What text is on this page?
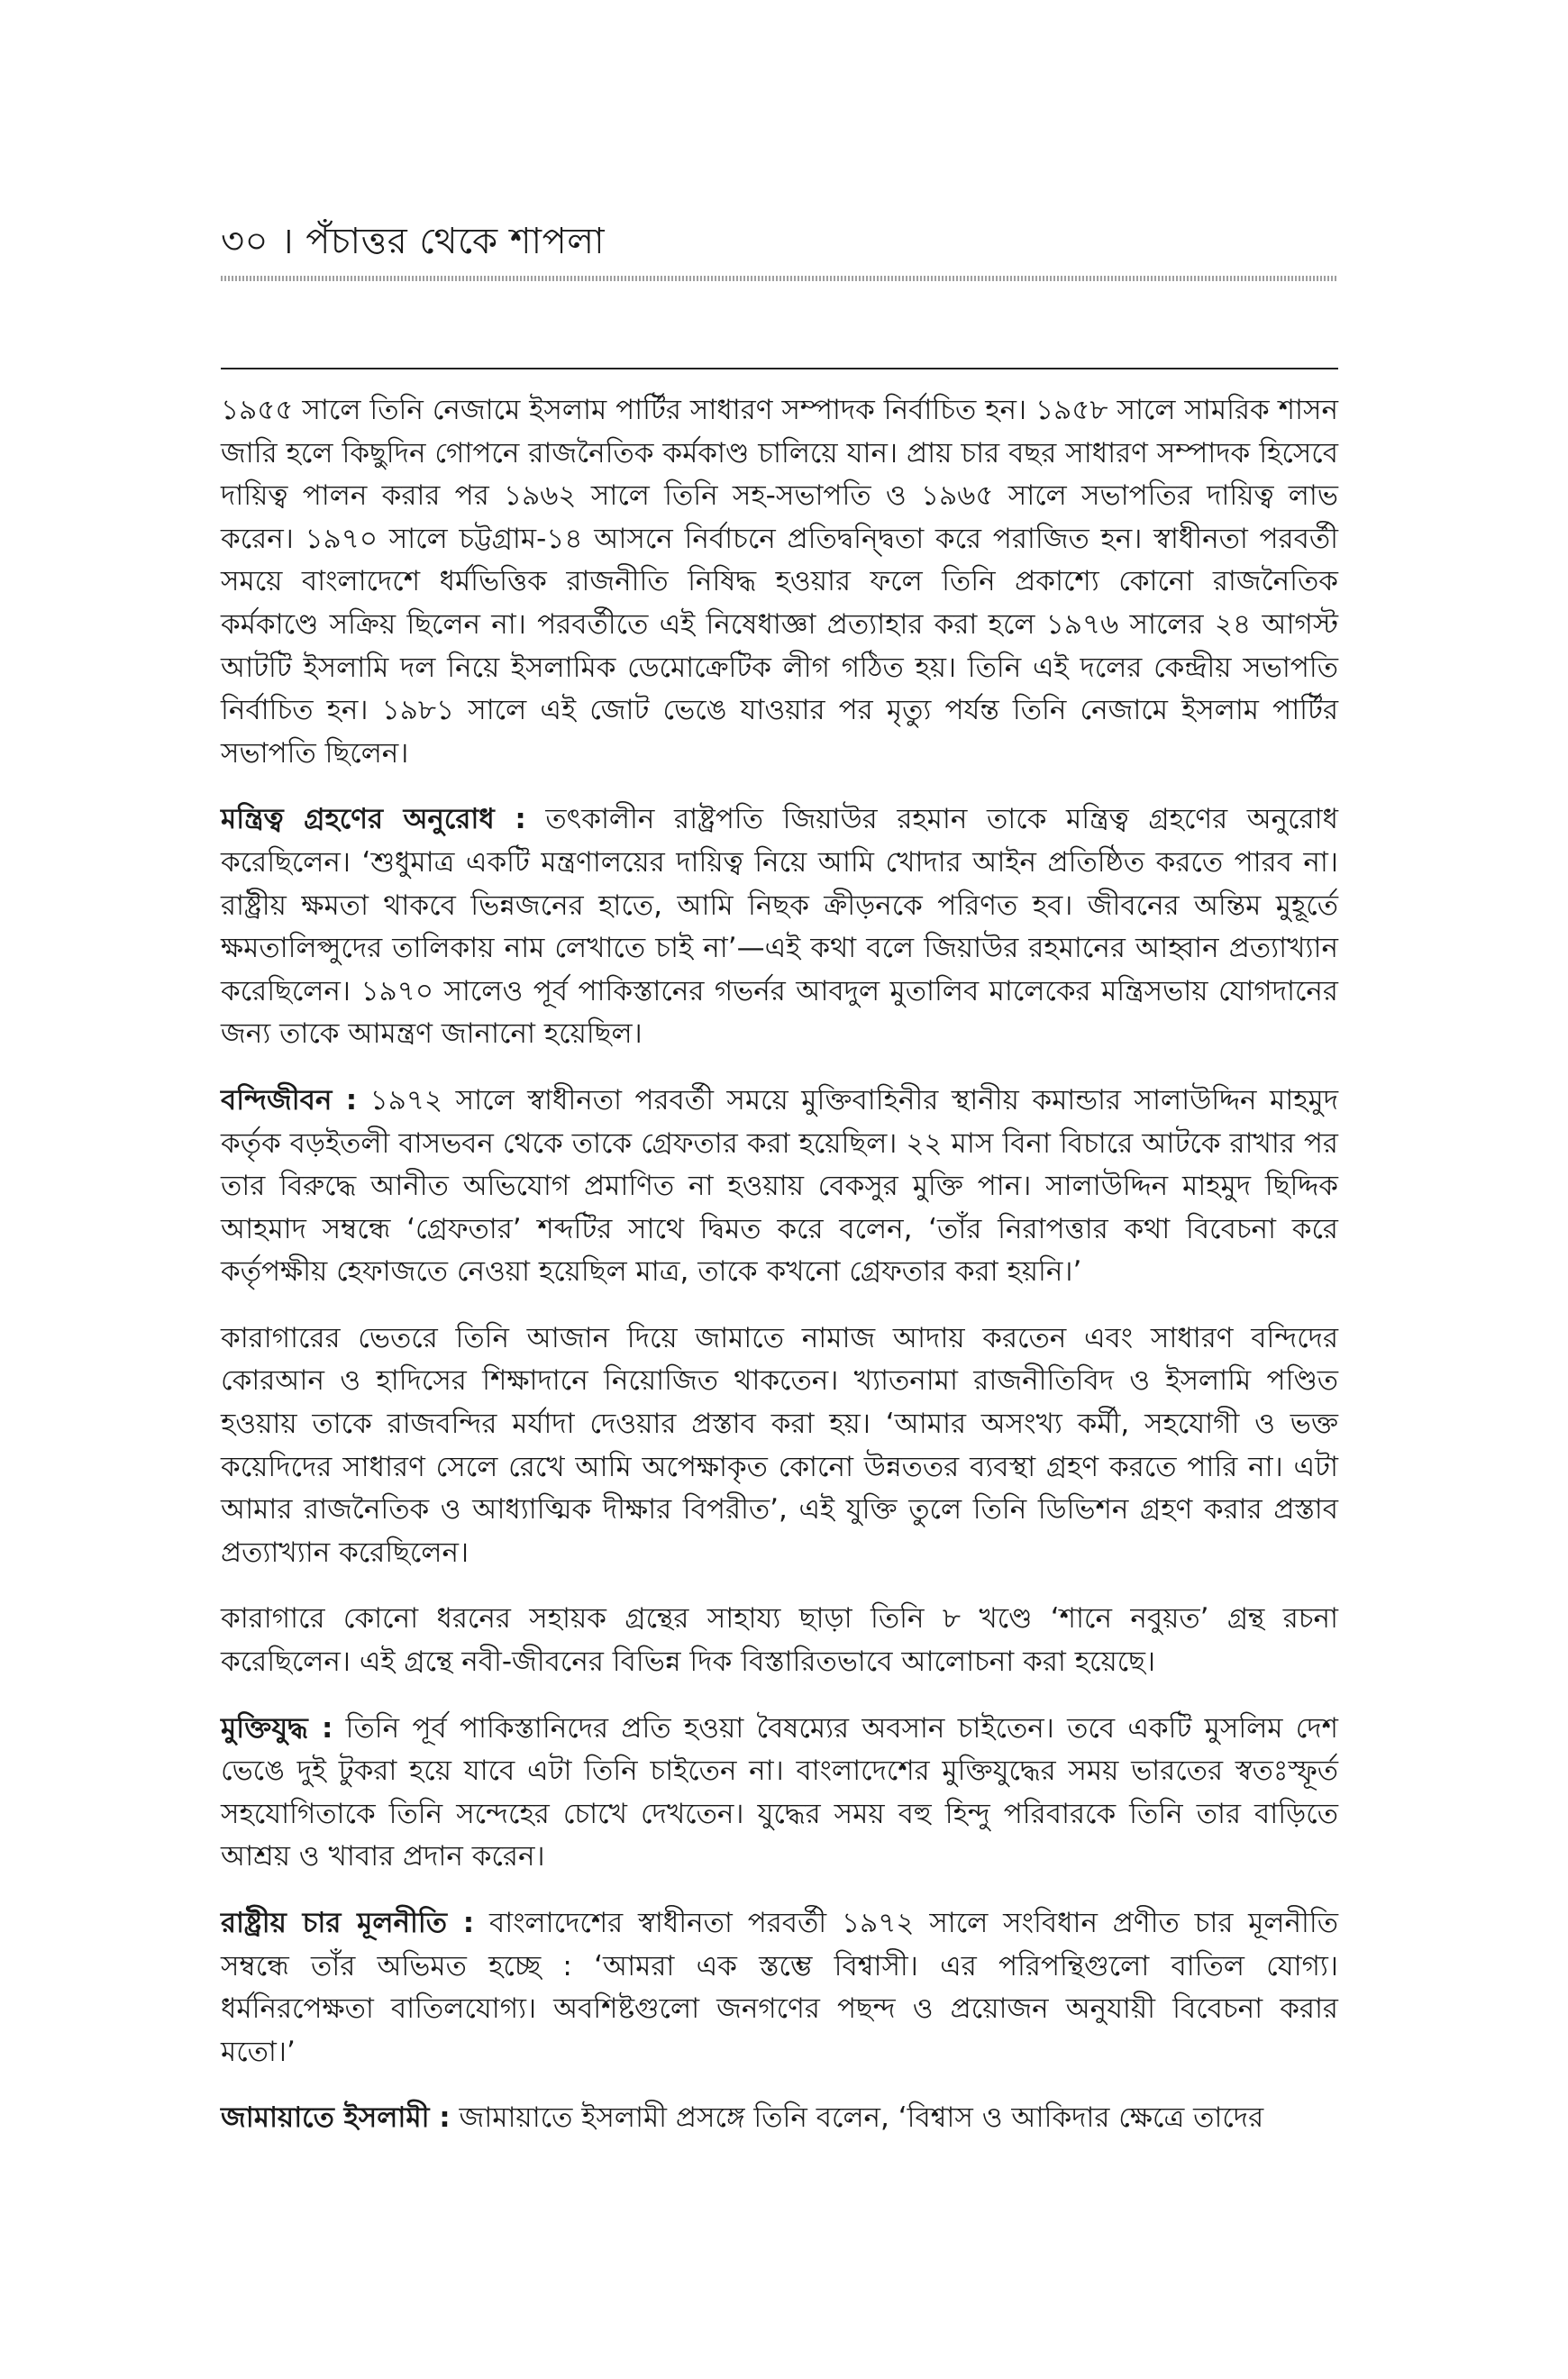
৩০ । পঁচাত্তর থেকে শাপলা

১৯৫৫ সালে তিনি নেজামে ইসলাম পার্টির সাধারণ সম্পাদক নির্বাচিত হন। ১৯৫৮ সালে সামরিক শাসন জারি হলে কিছুদিন গোপনে রাজনৈতিক কর্মকাণ্ড চালিয়ে যান। প্রায় চার বছর সাধারণ সম্পাদক হিসেবে দায়িত্ব পালন করার পর ১৯৬২ সালে তিনি সহ-সভাপতি ও ১৯৬৫ সালে সভাপতির দায়িত্ব লাভ করেন। ১৯৭০ সালে চট্টগ্রাম-১৪ আসনে নির্বাচনে প্রতিদ্বন্দ্বিতা করে পরাজিত হন। স্বাধীনতা পরবর্তী সময়ে বাংলাদেশে ধর্মভিত্তিক রাজনীতি নিষিদ্ধ হওয়ার ফলে তিনি প্রকাশ্যে কোনো রাজনৈতিক কর্মকাণ্ডে সক্রিয় ছিলেন না। পরবর্তীতে এই নিষেধাজ্ঞা প্রত্যাহার করা হলে ১৯৭৬ সালের ২৪ আগস্ট আটটি ইসলামি দল নিয়ে ইসলামিক ডেমোক্রেটিক লীগ গঠিত হয়। তিনি এই দলের কেন্দ্রীয় সভাপতি নির্বাচিত হন। ১৯৮১ সালে এই জোট ভেঙে যাওয়ার পর মৃত্যু পর্যন্ত তিনি নেজামে ইসলাম পার্টির সভাপতি ছিলেন।

মন্ত্রিত্ব গ্রহণের অনুরোধ : তৎকালীন রাষ্ট্রপতি জিয়াউর রহমান তাকে মন্ত্রিত্ব গ্রহণের অনুরোধ করেছিলেন। ‘শুধুমাত্র একটি মন্ত্রণালয়ের দায়িত্ব নিয়ে আমি খোদার আইন প্রতিষ্ঠিত করতে পারব না। রাষ্ট্রীয় ক্ষমতা থাকবে ভিন্নজনের হাতে, আমি নিছক ক্রীড়নকে পরিণত হব। জীবনের অন্তিম মুহূর্তে ক্ষমতালিপ্সুদের তালিকায় নাম লেখাতে চাই না’—এই কথা বলে জিয়াউর রহমানের আহ্বান প্রত্যাখ্যান করেছিলেন। ১৯৭০ সালেও পূর্ব পাকিস্তানের গভর্নর আবদুল মুতালিব মালেকের মন্ত্রিসভায় যোগদানের জন্য তাকে আমন্ত্রণ জানানো হয়েছিল।

বন্দিজীবন : ১৯৭২ সালে স্বাধীনতা পরবর্তী সময়ে মুক্তিবাহিনীর স্থানীয় কমান্ডার সালাউদ্দিন মাহমুদ কর্তৃক বড়ইতলী বাসভবন থেকে তাকে গ্রেফতার করা হয়েছিল। ২২ মাস বিনা বিচারে আটকে রাখার পর তার বিরুদ্ধে আনীত অভিযোগ প্রমাণিত না হওয়ায় বেকসুর মুক্তি পান। সালাউদ্দিন মাহমুদ ছিদ্দিক আহমাদ সম্বন্ধে ‘গ্রেফতার’ শব্দটির সাথে দ্বিমত করে বলেন, ‘তাঁর নিরাপত্তার কথা বিবেচনা করে কর্তৃপক্ষীয় হেফাজতে নেওয়া হয়েছিল মাত্র, তাকে কখনো গ্রেফতার করা হয়নি।’

কারাগারের ভেতরে তিনি আজান দিয়ে জামাতে নামাজ আদায় করতেন এবং সাধারণ বন্দিদের কোরআন ও হাদিসের শিক্ষাদানে নিয়োজিত থাকতেন। খ্যাতনামা রাজনীতিবিদ ও ইসলামি পণ্ডিত হওয়ায় তাকে রাজবন্দির মর্যাদা দেওয়ার প্রস্তাব করা হয়। ‘আমার অসংখ্য কর্মী, সহযোগী ও ভক্ত কয়েদিদের সাধারণ সেলে রেখে আমি অপেক্ষাকৃত কোনো উন্নততর ব্যবস্থা গ্রহণ করতে পারি না। এটা আমার রাজনৈতিক ও আধ্যাত্মিক দীক্ষার বিপরীত’, এই যুক্তি তুলে তিনি ডিভিশন গ্রহণ করার প্রস্তাব প্রত্যাখ্যান করেছিলেন।

কারাগারে কোনো ধরনের সহায়ক গ্রন্থের সাহায্য ছাড়া তিনি ৮ খণ্ডে ‘শানে নবুয়ত’ গ্রন্থ রচনা করেছিলেন। এই গ্রন্থে নবী-জীবনের বিভিন্ন দিক বিস্তারিতভাবে আলোচনা করা হয়েছে।

মুক্তিযুদ্ধ : তিনি পূর্ব পাকিস্তানিদের প্রতি হওয়া বৈষম্যের অবসান চাইতেন। তবে একটি মুসলিম দেশ ভেঙে দুই টুকরা হয়ে যাবে এটা তিনি চাইতেন না। বাংলাদেশের মুক্তিযুদ্ধের সময় ভারতের স্বতঃস্ফূর্ত সহযোগিতাকে তিনি সন্দেহের চোখে দেখতেন। যুদ্ধের সময় বহু হিন্দু পরিবারকে তিনি তার বাড়িতে আশ্রয় ও খাবার প্রদান করেন।

রাষ্ট্রীয় চার মূলনীতি : বাংলাদেশের স্বাধীনতা পরবর্তী ১৯৭২ সালে সংবিধান প্রণীত চার মূলনীতি সম্বন্ধে তাঁর অভিমত হচ্ছে : ‘আমরা এক স্তম্ভে বিশ্বাসী। এর পরিপন্থিগুলো বাতিল যোগ্য। ধর্মনিরপেক্ষতা বাতিলযোগ্য। অবশিষ্টগুলো জনগণের পছন্দ ও প্রয়োজন অনুযায়ী বিবেচনা করার মতো।’

জামায়াতে ইসলামী : জামায়াতে ইসলামী প্রসঙ্গে তিনি বলেন, ‘বিশ্বাস ও আকিদার ক্ষেত্রে তাদের
